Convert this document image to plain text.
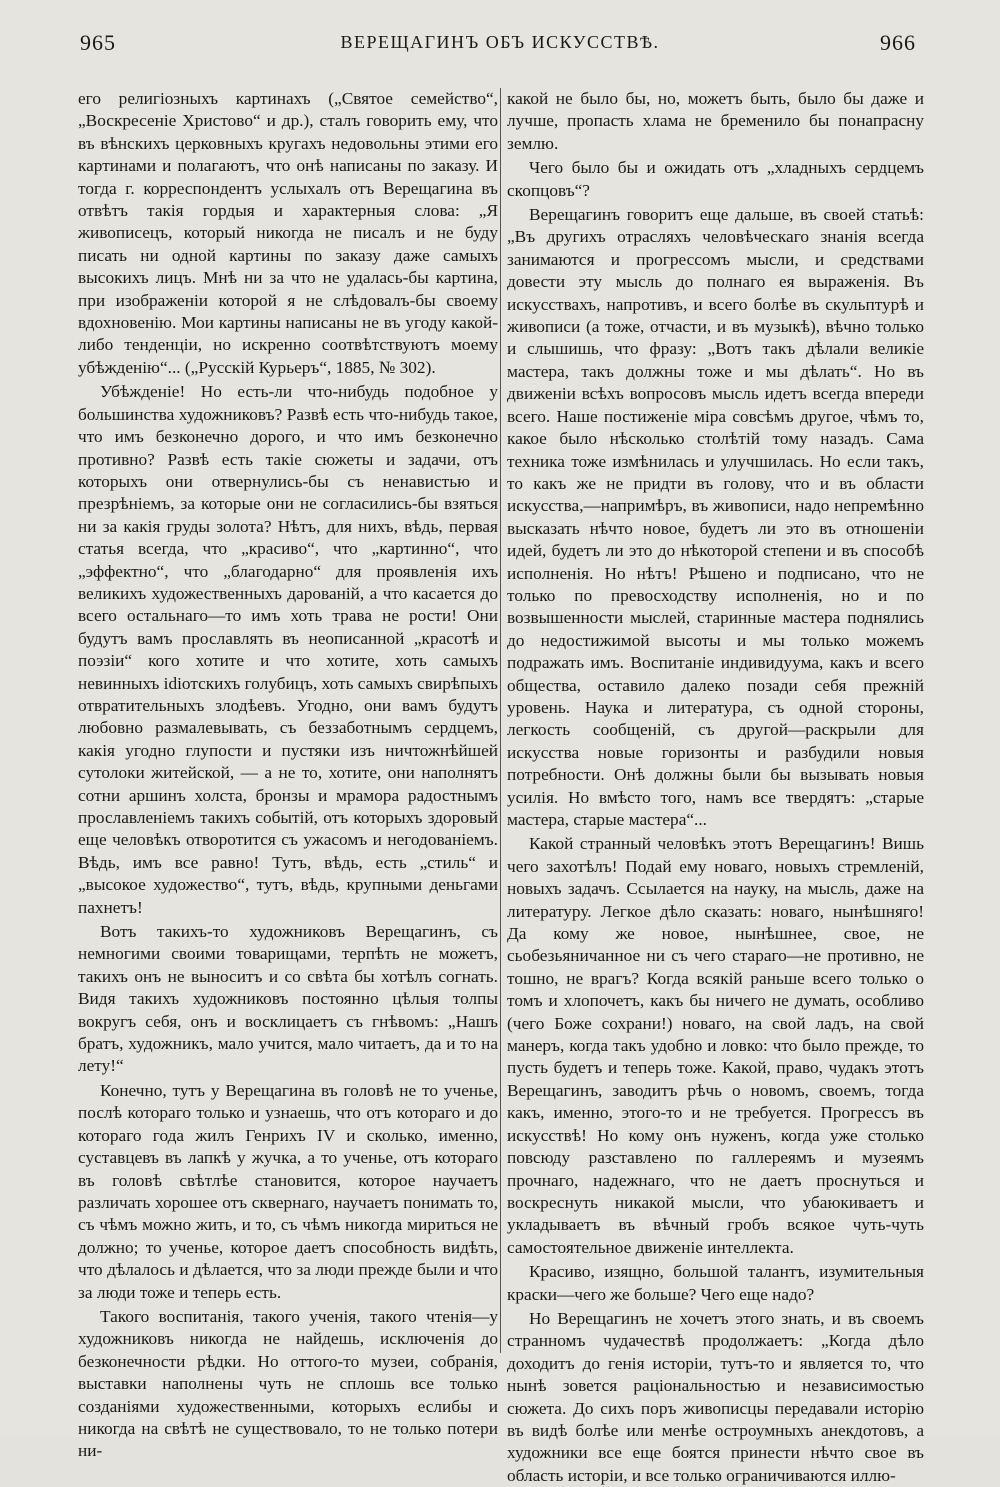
965	ВЕРЕЩАГИНЪ ОБЪ ИСКУССТВѢ.	966

его религіозныхъ картинахъ („Святое семейство“, „Воскресеніе Христово“ и др.), сталъ говорить ему, что въ вѣнскихъ церковныхъ кругахъ недовольны этими его картинами и полагаютъ, что онѣ написаны по заказу. И тогда г. корреспондентъ услыхалъ отъ Верещагина въ отвѣтъ такія гордыя и характерныя слова: „Я живописецъ, который никогда не писалъ и не буду писать ни одной картины по заказу даже самыхъ высокихъ лицъ. Мнѣ ни за что не удалась-бы картина, при изображеніи которой я не слѣдовалъ-бы своему вдохновенію. Мои картины написаны не въ угоду какой-либо тенденціи, но искренно соотвѣтствуютъ моему убѣжденію“... („Русскій Курьеръ“, 1885, № 302).

Убѣжденіе! Но есть-ли что-нибудь подобное у большинства художниковъ? Развѣ есть что-нибудь такое, что имъ безконечно дорого, и что имъ безконечно противно? Развѣ есть такіе сюжеты и задачи, отъ которыхъ они отвернулись-бы съ ненавистью и презрѣніемъ, за которые они не согласились-бы взяться ни за какія груды золота? Нѣтъ, для нихъ, вѣдь, первая статья всегда, что „красиво“, что „картинно“, что „эффектно“, что „благодарно“ для проявленія ихъ великихъ художественныхъ дарованій, а что касается до всего остальнаго—то имъ хоть трава не рости! Они будутъ вамъ прославлять въ неописанной „красотѣ и поэзіи“ кого хотите и что хотите, хоть самыхъ невинныхъ idіотскихъ голубицъ, хоть самыхъ свирѣпыхъ отвратительныхъ злодѣевъ. Угодно, они вамъ будутъ любовно размалевывать, съ беззаботнымъ сердцемъ, какія угодно глупости и пустяки изъ ничтожнѣйшей сутолоки житейской, — а не то, хотите, они наполнятъ сотни аршинъ холста, бронзы и мрамора радостнымъ прославленіемъ такихъ событій, отъ которыхъ здоровый еще человѣкъ отворотится съ ужасомъ и негодованіемъ. Вѣдь, имъ все равно! Тутъ, вѣдь, есть „стиль“ и „высокое художество“, тутъ, вѣдь, крупными деньгами пахнетъ!

Вотъ такихъ-то художниковъ Верещагинъ, съ немногими своими товарищами, терпѣть не можетъ, такихъ онъ не выноситъ и со свѣта бы хотѣлъ согнать. Видя такихъ художниковъ постоянно цѣлыя толпы вокругъ себя, онъ и восклицаетъ съ гнѣвомъ: „Нашъ братъ, художникъ, мало учится, мало читаетъ, да и то на лету!“

Конечно, тутъ у Верещагина въ головѣ не то ученье, послѣ котораго только и узнаешь, что отъ котораго и до котораго года жилъ Генрихъ IV и сколько, именно, суставцевъ въ лапкѣ у жучка, а то ученье, отъ котораго въ головѣ свѣтлѣе становится, которое научаетъ различать хорошее отъ сквернаго, научаетъ понимать то, съ чѣмъ можно жить, и то, съ чѣмъ никогда мириться не должно; то ученье, которое даетъ способность видѣть, что дѣлалось и дѣлается, что за люди прежде были и что за люди тоже и теперь есть.

Такого воспитанія, такого ученія, такого чтенія—у художниковъ никогда не найдешь, исключенія до безконечности рѣдки. Но оттого-то музеи, собранія, выставки наполнены чуть не сплошь все только созданіями художественными, которыхъ еслибы и никогда на свѣтѣ не существовало, то не только потери ни-

какой не было бы, но, можетъ быть, было бы даже и лучше, пропасть хлама не бременило бы понапрасну землю.

Чего было бы и ожидать отъ „хладныхъ сердцемъ скопцовъ“?

Верещагинъ говоритъ еще дальше, въ своей статьѣ: „Въ другихъ отрасляхъ человѣческаго знанія всегда занимаются и прогрессомъ мысли, и средствами довести эту мысль до полнаго ея выраженія. Въ искусствахъ, напротивъ, и всего болѣе въ скульптурѣ и живописи (а тоже, отчасти, и въ музыкѣ), вѣчно только и слышишь, что фразу: „Вотъ такъ дѣлали великіе мастера, такъ должны тоже и мы дѣлать“. Но въ движеніи всѣхъ вопросовъ мысль идетъ всегда впереди всего. Наше постиженіе міра совсѣмъ другое, чѣмъ то, какое было нѣсколько столѣтій тому назадъ. Сама техника тоже измѣнилась и улучшилась. Но если такъ, то какъ же не придти въ голову, что и въ области искусства,—напримѣръ, въ живописи, надо непремѣнно высказать нѣчто новое, будетъ ли это въ отношеніи идей, будетъ ли это до нѣкоторой степени и въ способѣ исполненія. Но нѣтъ! Рѣшено и подписано, что не только по превосходству исполненія, но и по возвышенности мыслей, старинные мастера поднялись до недостижимой высоты и мы только можемъ подражать имъ. Воспитаніе индивидуума, какъ и всего общества, оставило далеко позади себя прежній уровень. Наука и литература, съ одной стороны, легкость сообщеній, съ другой—раскрыли для искусства новые горизонты и разбудили новыя потребности. Онѣ должны были бы вызывать новыя усилія. Но вмѣсто того, намъ все твердятъ: „старые мастера, старые мастера“...

Какой странный человѣкъ этотъ Верещагинъ! Вишь чего захотѣлъ! Подай ему новаго, новыхъ стремленій, новыхъ задачъ. Ссылается на науку, на мысль, даже на литературу. Легкое дѣло сказать: новаго, нынѣшняго! Да кому же новое, нынѣшнее, свое, не сьобезьяничанное ни съ чего стараго—не противно, не тошно, не врагъ? Когда всякій раньше всего только о томъ и хлопочетъ, какъ бы ничего не думать, особливо (чего Боже сохрани!) новаго, на свой ладъ, на свой манеръ, когда такъ удобно и ловко: что было прежде, то пусть будетъ и теперь тоже. Какой, право, чудакъ этотъ Верещагинъ, заводитъ рѣчь о новомъ, своемъ, тогда какъ, именно, этого-то и не требуется. Прогрессъ въ искусствѣ! Но кому онъ нуженъ, когда уже столько повсюду разставлено по галлереямъ и музеямъ прочнаго, надежнаго, что не даетъ проснуться и воскреснуть никакой мысли, что убаюкиваетъ и укладываетъ въ вѣчный гробъ всякое чуть-чуть самостоятельное движеніе интеллекта.

Красиво, изящно, большой талантъ, изумительныя краски—чего же больше? Чего еще надо?

Но Верещагинъ не хочетъ этого знать, и въ своемъ странномъ чудачествѣ продолжаетъ: „Когда дѣло доходитъ до генія исторіи, тутъ-то и является то, что нынѣ зовется раціональностью и независимостью сюжета. До сихъ поръ живописцы передавали исторію въ видѣ болѣе или менѣе остроумныхъ анекдотовъ, а художники все еще боятся принести нѣчто свое въ область исторіи, и все только ограничиваются иллю-
